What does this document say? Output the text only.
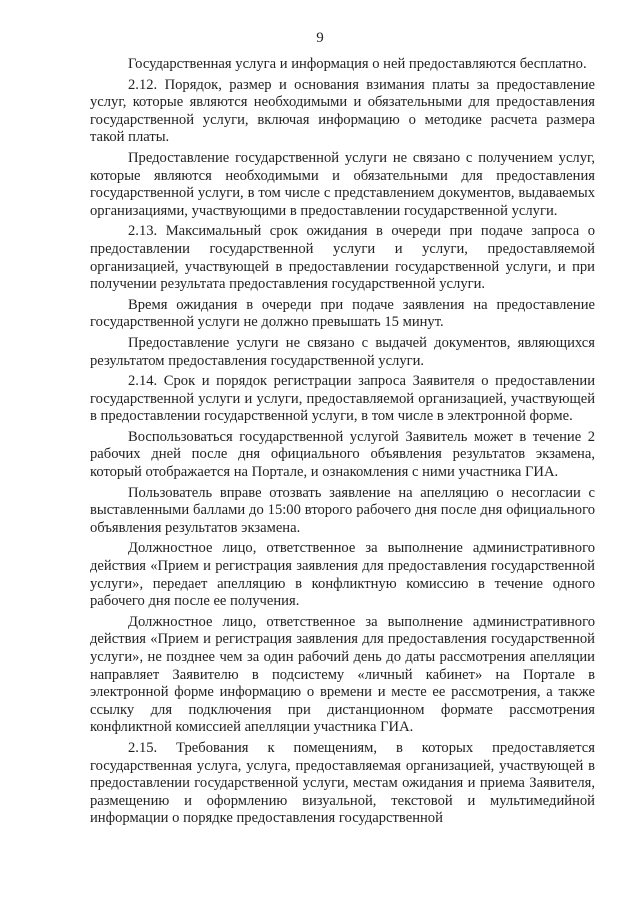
9

Государственная услуга и информация о ней предоставляются бесплатно.

2.12. Порядок, размер и основания взимания платы за предоставление услуг, которые являются необходимыми и обязательными для предоставления государственной услуги, включая информацию о методике расчета размера такой платы.

Предоставление государственной услуги не связано с получением услуг, которые являются необходимыми и обязательными для предоставления государственной услуги, в том числе с представлением документов, выдаваемых организациями, участвующими в предоставлении государственной услуги.

2.13. Максимальный срок ожидания в очереди при подаче запроса о предоставлении государственной услуги и услуги, предоставляемой организацией, участвующей в предоставлении государственной услуги, и при получении результата предоставления государственной услуги.

Время ожидания в очереди при подаче заявления на предоставление государственной услуги не должно превышать 15 минут.

Предоставление услуги не связано с выдачей документов, являющихся результатом предоставления государственной услуги.

2.14. Срок и порядок регистрации запроса Заявителя о предоставлении государственной услуги и услуги, предоставляемой организацией, участвующей в предоставлении государственной услуги, в том числе в электронной форме.

Воспользоваться государственной услугой Заявитель может в течение 2 рабочих дней после дня официального объявления результатов экзамена, который отображается на Портале, и ознакомления с ними участника ГИА.

Пользователь вправе отозвать заявление на апелляцию о несогласии с выставленными баллами до 15:00 второго рабочего дня после дня официального объявления результатов экзамена.

Должностное лицо, ответственное за выполнение административного действия «Прием и регистрация заявления для предоставления государственной услуги», передает апелляцию в конфликтную комиссию в течение одного рабочего дня после ее получения.

Должностное лицо, ответственное за выполнение административного действия «Прием и регистрация заявления для предоставления государственной услуги», не позднее чем за один рабочий день до даты рассмотрения апелляции направляет Заявителю в подсистему «личный кабинет» на Портале в электронной форме информацию о времени и месте ее рассмотрения, а также ссылку для подключения при дистанционном формате рассмотрения конфликтной комиссией апелляции участника ГИА.

2.15. Требования к помещениям, в которых предоставляется государственная услуга, услуга, предоставляемая организацией, участвующей в предоставлении государственной услуги, местам ожидания и приема Заявителя, размещению и оформлению визуальной, текстовой и мультимедийной информации о порядке предоставления государственной
